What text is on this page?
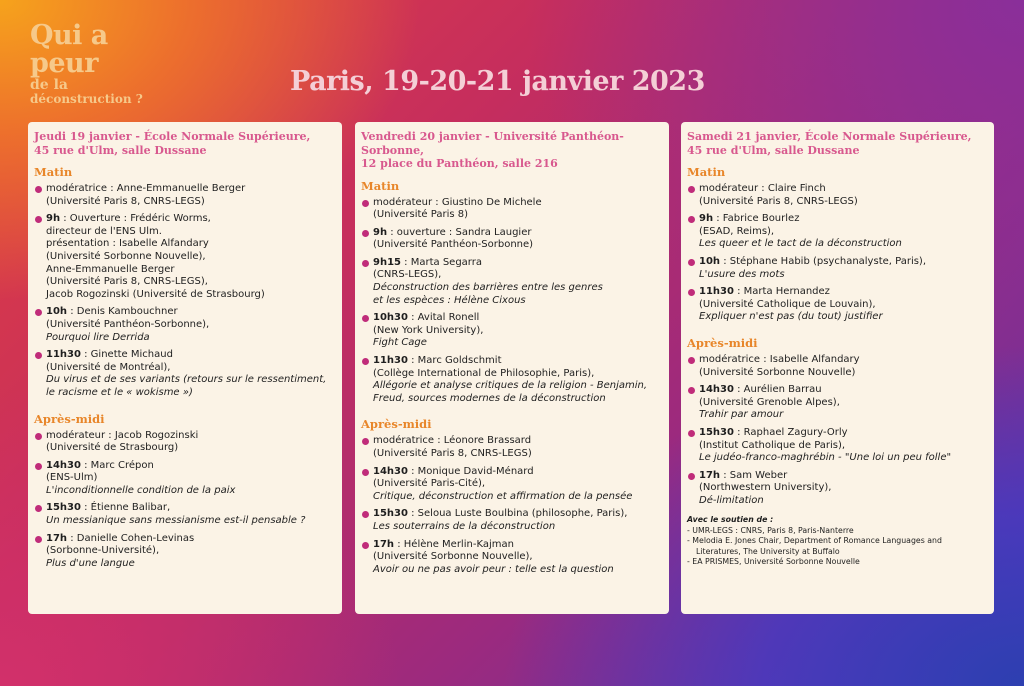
Qui a
peur
de la
déconstruction ?
Paris, 19-20-21 janvier 2023
Jeudi 19 janvier - École Normale Supérieure,
45 rue d'Ulm, salle Dussane
Matin
modératrice : Anne-Emmanuelle Berger
(Université Paris 8, CNRS-LEGS)
9h : Ouverture : Frédéric Worms,
directeur de l'ENS Ulm.
présentation : Isabelle Alfandary
(Université Sorbonne Nouvelle),
Anne-Emmanuelle Berger
(Université Paris 8, CNRS-LEGS),
Jacob Rogozinski (Université de Strasbourg)
10h : Denis Kambouchner
(Université Panthéon-Sorbonne),
Pourquoi lire Derrida
11h30 : Ginette Michaud
(Université de Montréal),
Du virus et de ses variants (retours sur le ressentiment,
le racisme et le « wokisme »)
Après-midi
modérateur : Jacob Rogozinski
(Université de Strasbourg)
14h30 : Marc Crépon
(ENS-Ulm)
L'inconditionnelle condition de la paix
15h30 : Étienne Balibar,
Un messianique sans messianisme est-il pensable ?
17h : Danielle Cohen-Levinas
(Sorbonne-Université),
Plus d'une langue
Vendredi 20 janvier - Université Panthéon-
Sorbonne,
12 place du Panthéon, salle 216
Matin
modérateur : Giustino De Michele
(Université Paris 8)
9h : ouverture : Sandra Laugier
(Université Panthéon-Sorbonne)
9h15 : Marta Segarra
(CNRS-LEGS),
Déconstruction des barrières entre les genres
et les espèces : Hélène Cixous
10h30 : Avital Ronell
(New York University),
Fight Cage
11h30 : Marc Goldschmit
(Collège International de Philosophie, Paris),
Allégorie et analyse critiques de la religion - Benjamin,
Freud, sources modernes de la déconstruction
Après-midi
modératrice : Léonore Brassard
(Université Paris 8, CNRS-LEGS)
14h30 : Monique David-Ménard
(Université Paris-Cité),
Critique, déconstruction et affirmation de la pensée
15h30 : Seloua Luste Boulbina (philosophe, Paris),
Les souterrains de la déconstruction
17h : Hélène Merlin-Kajman
(Université Sorbonne Nouvelle),
Avoir ou ne pas avoir peur : telle est la question
Samedi 21 janvier, École Normale Supérieure,
45 rue d'Ulm, salle Dussane
Matin
modérateur : Claire Finch
(Université Paris 8, CNRS-LEGS)
9h : Fabrice Bourlez
(ESAD, Reims),
Les queer et le tact de la déconstruction
10h : Stéphane Habib (psychanalyste, Paris),
L'usure des mots
11h30 : Marta Hernandez
(Université Catholique de Louvain),
Expliquer n'est pas (du tout) justifier
Après-midi
modératrice : Isabelle Alfandary
(Université Sorbonne Nouvelle)
14h30 : Aurélien Barrau
(Université Grenoble Alpes),
Trahir par amour
15h30 : Raphael Zagury-Orly
(Institut Catholique de Paris),
Le judéo-franco-maghrébin - "Une loi un peu folle"
17h : Sam Weber
(Northwestern University),
Dé-limitation
Avec le soutien de :
- UMR-LEGS : CNRS, Paris 8, Paris-Nanterre
- Melodia E. Jones Chair, Department of Romance Languages and Literatures, The University at Buffalo
- EA PRISMES, Université Sorbonne Nouvelle
